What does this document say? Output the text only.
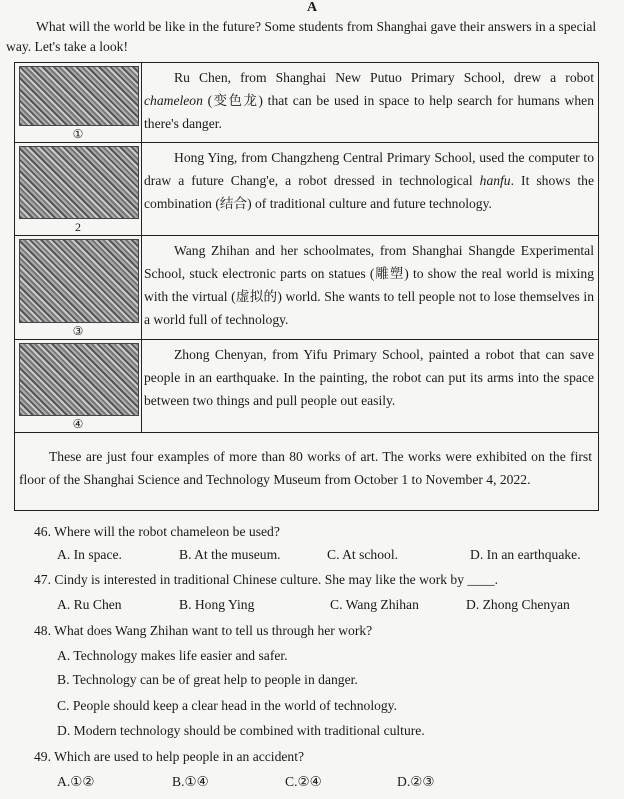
A
What will the world be like in the future? Some students from Shanghai gave their answers in a special way. Let's take a look!
①
Ru Chen, from Shanghai New Putuo Primary School, drew a robot chameleon (变色龙) that can be used in space to help search for humans when there's danger.
2
Hong Ying, from Changzheng Central Primary School, used the computer to draw a future Chang'e, a robot dressed in technological hanfu. It shows the combination (结合) of traditional culture and future technology.
③
Wang Zhihan and her schoolmates, from Shanghai Shangde Experimental School, stuck electronic parts on statues (雕塑) to show the real world is mixing with the virtual (虚拟的) world. She wants to tell people not to lose themselves in a world full of technology.
④
Zhong Chenyan, from Yifu Primary School, painted a robot that can save people in an earthquake. In the painting, the robot can put its arms into the space between two things and pull people out easily.
These are just four examples of more than 80 works of art. The works were exhibited on the first floor of the Shanghai Science and Technology Museum from October 1 to November 4, 2022.
46. Where will the robot chameleon be used?
A. In space.	B. At the museum.	C. At school.	D. In an earthquake.
47. Cindy is interested in traditional Chinese culture. She may like the work by ____.
A. Ru Chen	B. Hong Ying	C. Wang Zhihan	D. Zhong Chenyan
48. What does Wang Zhihan want to tell us through her work?
A. Technology makes life easier and safer.
B. Technology can be of great help to people in danger.
C. People should keep a clear head in the world of technology.
D. Modern technology should be combined with traditional culture.
49. Which are used to help people in an accident?
A.①②	B.①④	C.②④	D.②③
